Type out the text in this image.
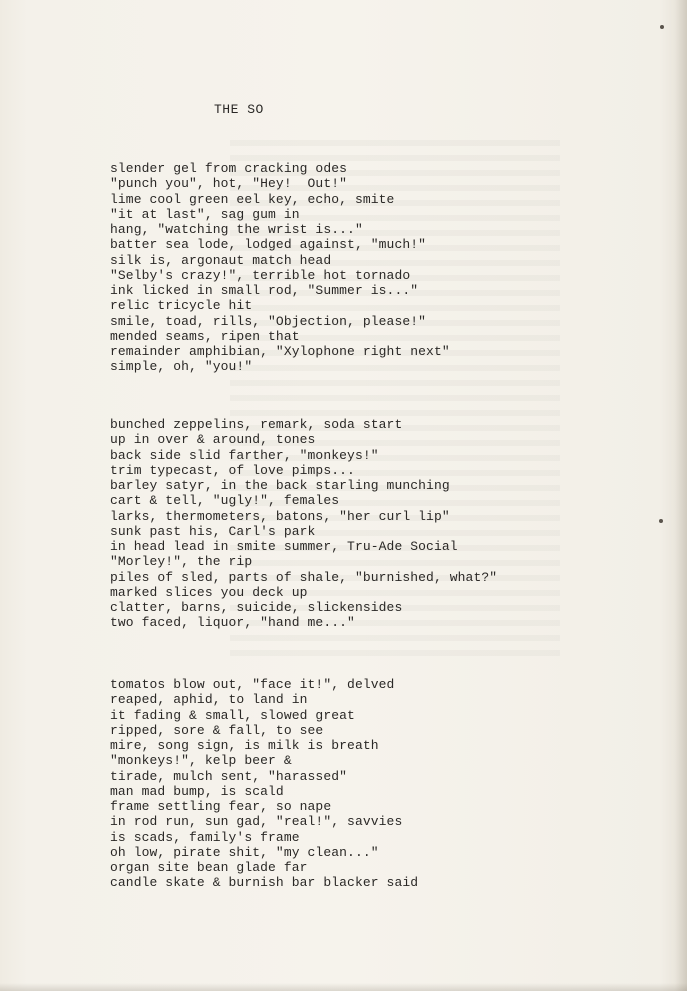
THE SO
slender gel from cracking odes
"punch you", hot, "Hey!  Out!"
lime cool green eel key, echo, smite
"it at last", sag gum in
hang, "watching the wrist is..."
batter sea lode, lodged against, "much!"
silk is, argonaut match head
"Selby's crazy!", terrible hot tornado
ink licked in small rod, "Summer is..."
relic tricycle hit
smile, toad, rills, "Objection, please!"
mended seams, ripen that
remainder amphibian, "Xylophone right next"
simple, oh, "you!"
bunched zeppelins, remark, soda start
up in over & around, tones
back side slid farther, "monkeys!"
trim typecast, of love pimps...
barley satyr, in the back starling munching
cart & tell, "ugly!", females
larks, thermometers, batons, "her curl lip"
sunk past his, Carl's park
in head lead in smite summer, Tru-Ade Social
"Morley!", the rip
piles of sled, parts of shale, "burnished, what?"
marked slices you deck up
clatter, barns, suicide, slickensides
two faced, liquor, "hand me..."
tomatos blow out, "face it!", delved
reaped, aphid, to land in
it fading & small, slowed great
ripped, sore & fall, to see
mire, song sign, is milk is breath
"monkeys!", kelp beer &
tirade, mulch sent, "harassed"
man mad bump, is scald
frame settling fear, so nape
in rod run, sun gad, "real!", savvies
is scads, family's frame
oh low, pirate shit, "my clean..."
organ site bean glade far
candle skate & burnish bar blacker said
